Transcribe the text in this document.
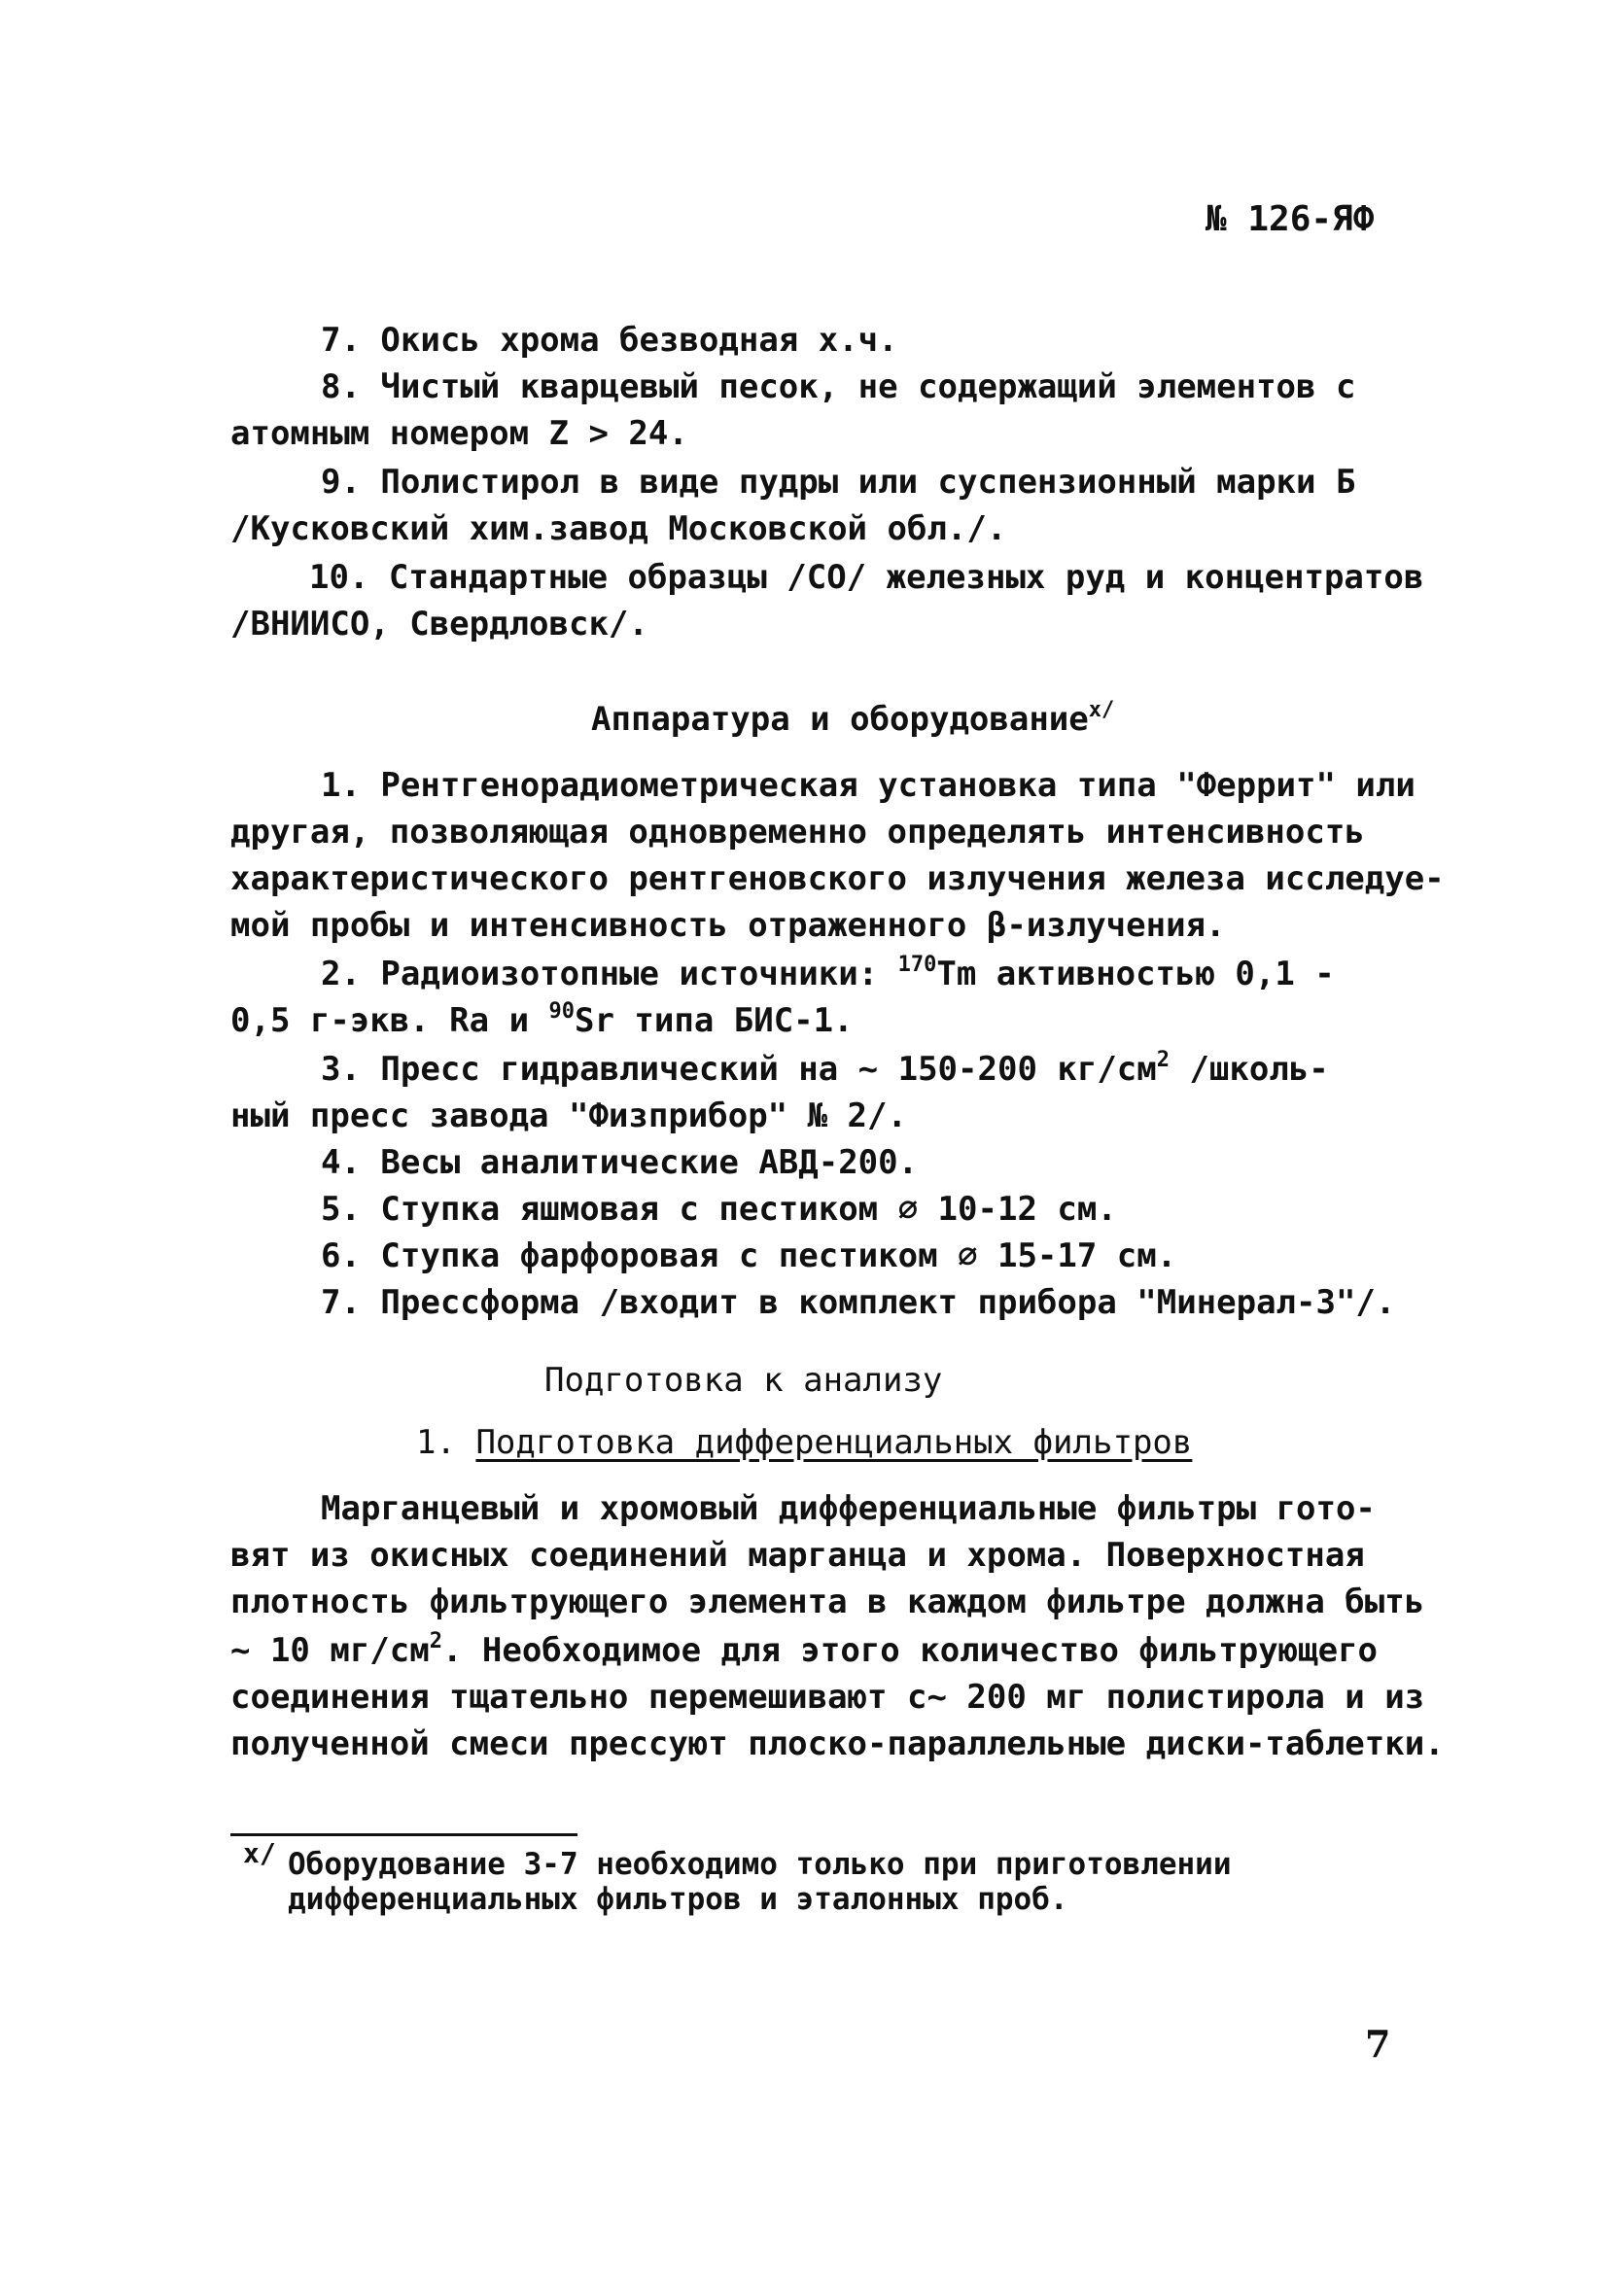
№ 126-ЯФ
7. Окись хрома безводная х.ч.
8. Чистый кварцевый песок, не содержащий элементов с
атомным номером Z > 24.
9. Полистирол в виде пудры или суспензионный марки Б
/Кусковский хим.завод Московской обл./.
10. Стандартные образцы /СО/ железных руд и концентратов
/ВНИИСО, Свердловск/.
Аппаратура и оборудование$^{х/}$
1. Рентгенорадиометрическая установка типа "Феррит" или
другая, позволяющая одновременно определять интенсивность
характеристического рентгеновского излучения железа исследуе-
мой пробы и интенсивность отраженного β-излучения.
2. Радиоизотопные источники: $^{170}$Tm активностью 0,1 -
0,5 г-экв. Ra и $^{90}$Sr типа БИС-1.
3. Пресс гидравлический на ~ 150-200 $кг/см^2$ /школь-
ный пресс завода "Физприбор" № 2/.
4. Весы аналитические АВД-200.
5. Ступка яшмовая с пестиком ∅ 10-12 см.
6. Ступка фарфоровая с пестиком ∅ 15-17 см.
7. Прессформа /входит в комплект прибора "Минерал-3"/.
Подготовка к анализу
1. Подготовка дифференциальных фильтров
Марганцевый и хромовый дифференциальные фильтры гото-
вят из окисных соединений марганца и хрома. Поверхностная
плотность фильтрующего элемента в каждом фильтре должна быть
~ 10 $мг/см^2$. Необходимое для этого количество фильтрующего
соединения тщательно перемешивают с~ 200 мг полистирола и из
полученной смеси прессуют плоско-параллельные диски-таблетки.
х/ Оборудование 3-7 необходимо только при приготовлении
дифференциальных фильтров и эталонных проб.
7
